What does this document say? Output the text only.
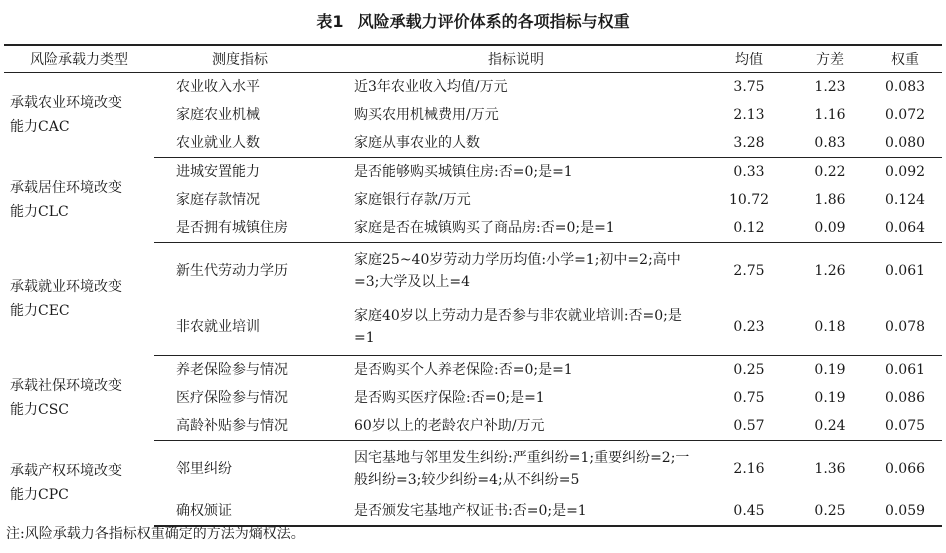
表1 风险承载力评价体系的各项指标与权重
风险承载力类型	测度指标	指标说明	均值	方差	权重

承载农业环境改变
能力CAC	农业收入水平	近3年农业收入均值/万元	3.75	1.23	0.083
	家庭农业机械	购买农用机械费用/万元	2.13	1.16	0.072
	农业就业人数	家庭从事农业的人数	3.28	0.83	0.080

承载居住环境改变
能力CLC	进城安置能力	是否能够购买城镇住房:否=0;是=1	0.33	0.22	0.092
	家庭存款情况	家庭银行存款/万元	10.72	1.86	0.124
	是否拥有城镇住房	家庭是否在城镇购买了商品房:否=0;是=1	0.12	0.09	0.064

承载就业环境改变
能力CEC	新生代劳动力学历	家庭25~40岁劳动力学历均值:小学=1;初中=2;高中=3;大学及以上=4	2.75	1.26	0.061
	非农就业培训	家庭40岁以上劳动力是否参与非农就业培训:否=0;是=1	0.23	0.18	0.078

承载社保环境改变
能力CSC	养老保险参与情况	是否购买个人养老保险:否=0;是=1	0.25	0.19	0.061
	医疗保险参与情况	是否购买医疗保险:否=0;是=1	0.75	0.19	0.086
	高龄补贴参与情况	60岁以上的老龄农户补助/万元	0.57	0.24	0.075

承载产权环境改变
能力CPC	邻里纠纷	因宅基地与邻里发生纠纷:严重纠纷=1;重要纠纷=2;一般纠纷=3;较少纠纷=4;从不纠纷=5	2.16	1.36	0.066
	确权颁证	是否颁发宅基地产权证书:否=0;是=1	0.45	0.25	0.059
注:风险承载力各指标权重确定的方法为熵权法。
